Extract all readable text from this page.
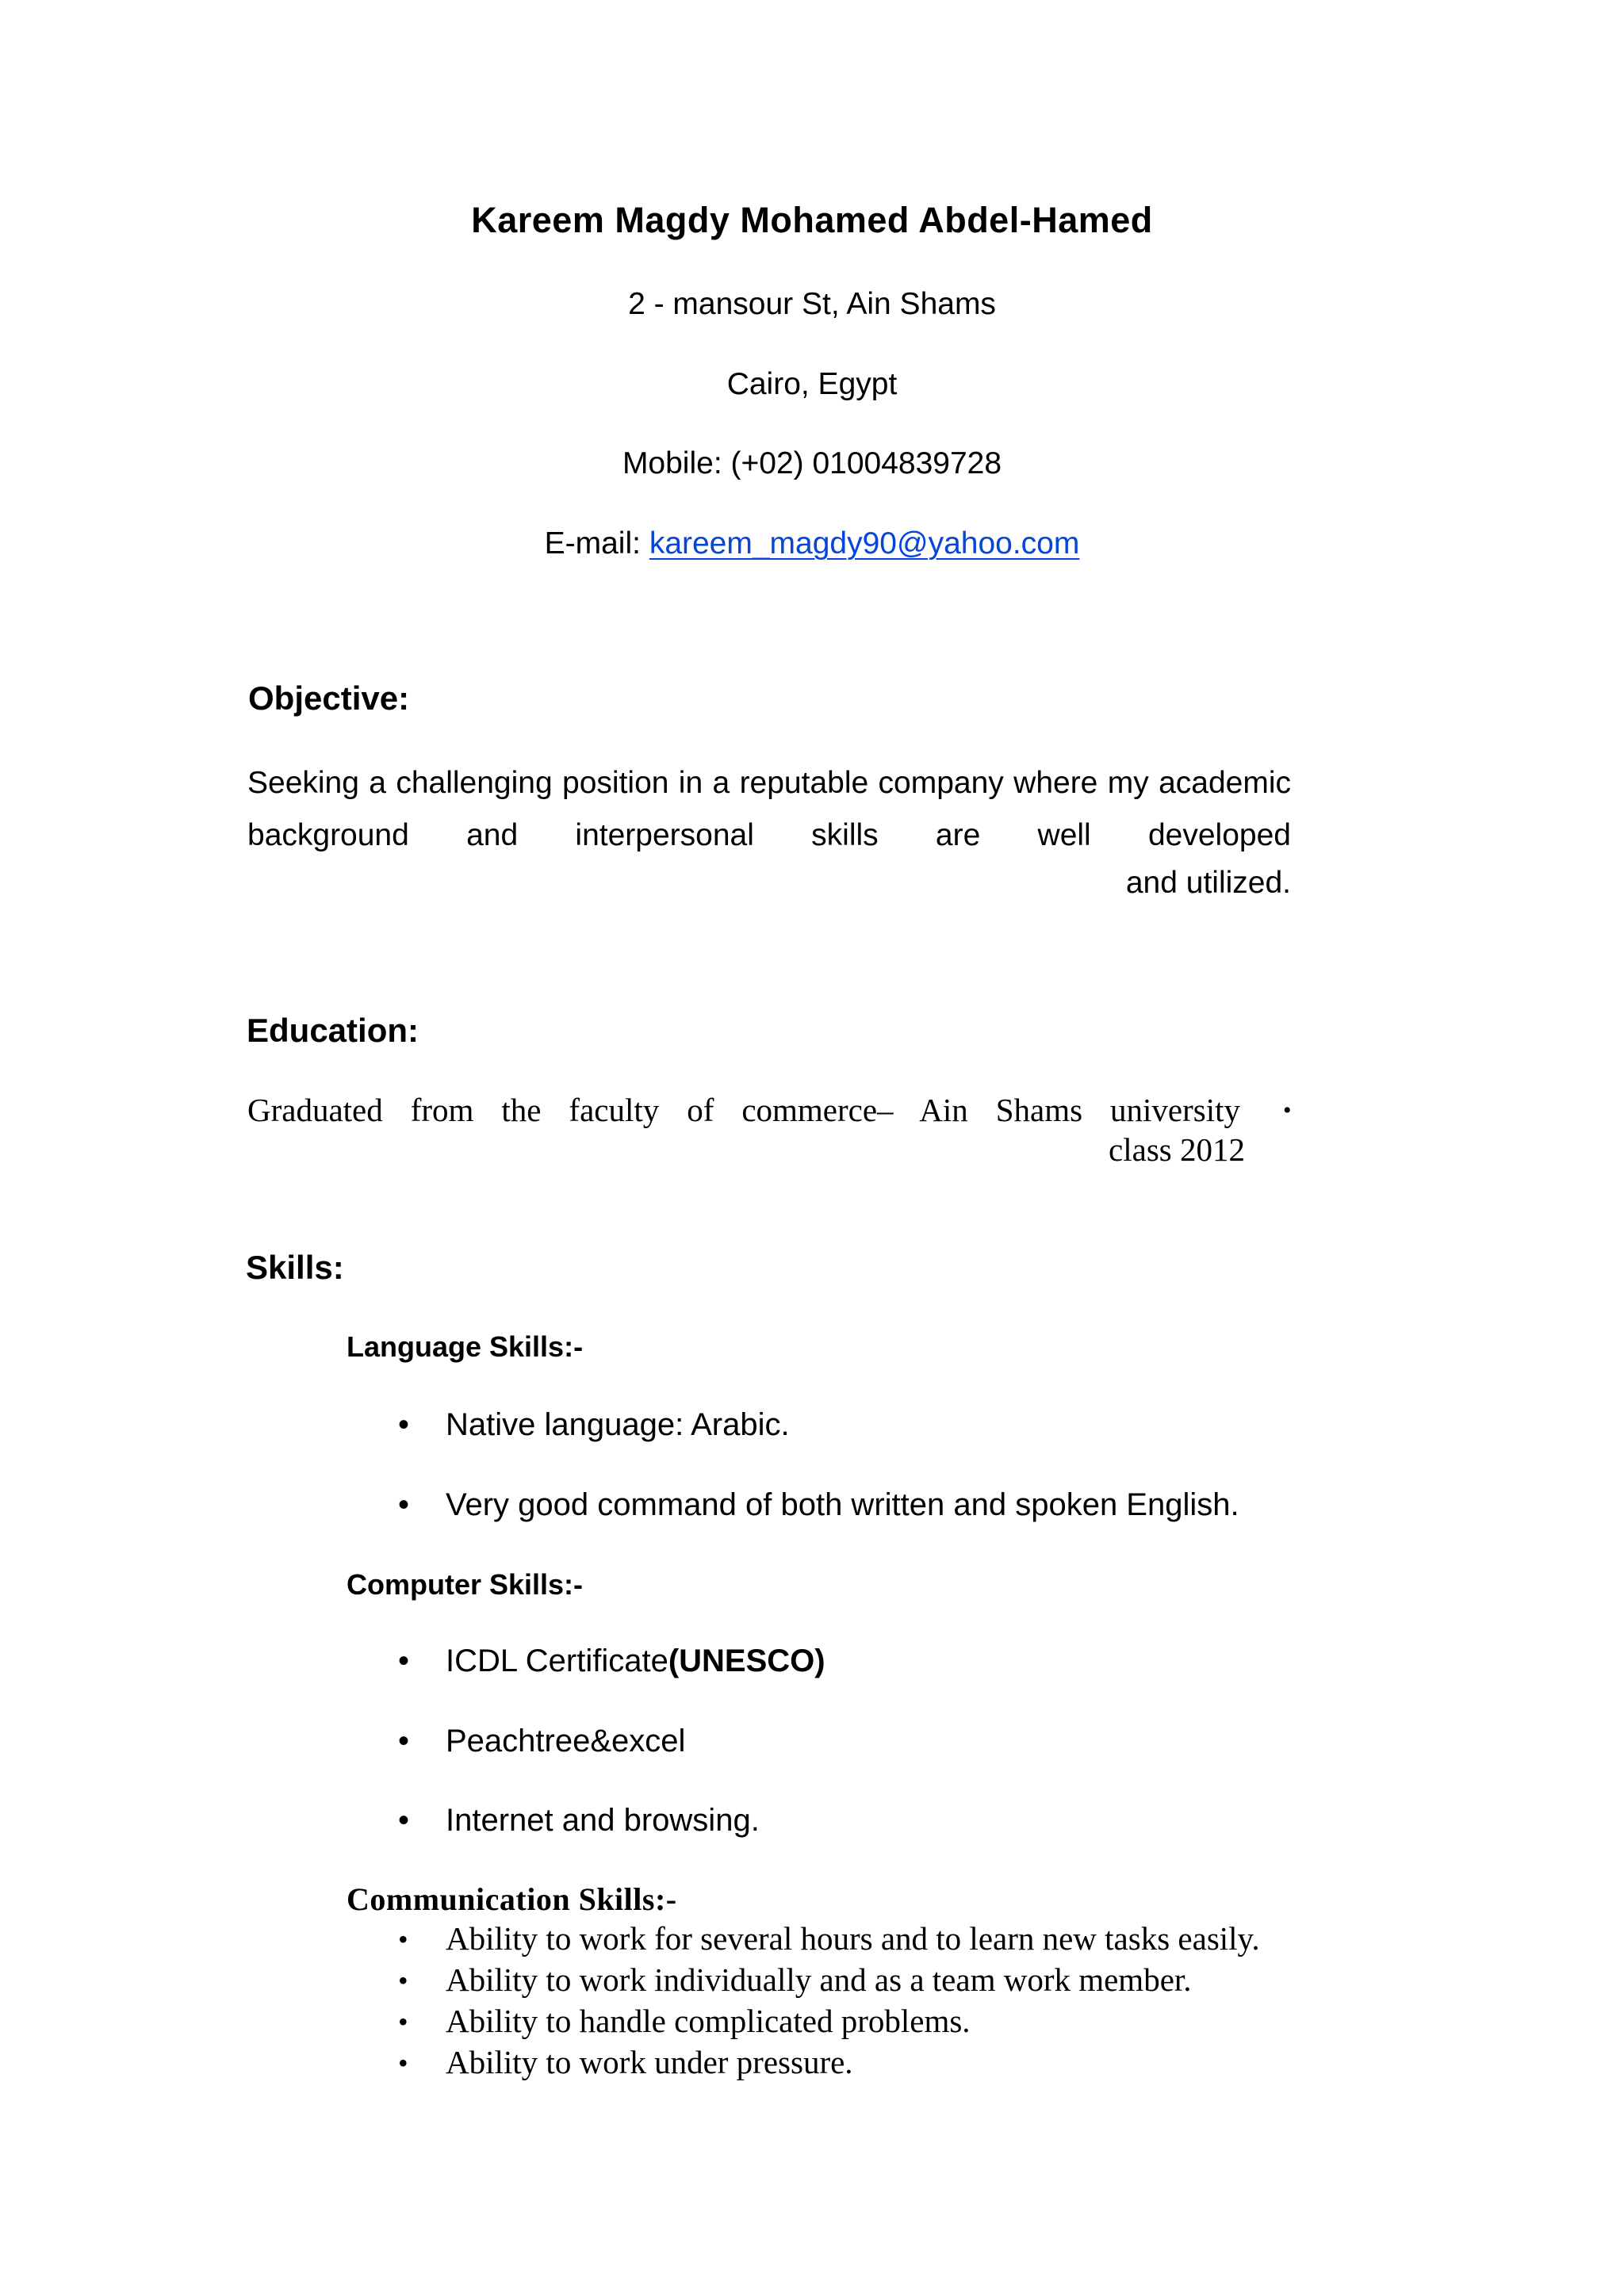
Kareem Magdy Mohamed Abdel-Hamed
2 - mansour St, Ain Shams
Cairo, Egypt
Mobile: (+02) 01004839728
E-mail: kareem_magdy90@yahoo.com
Objective:
Seeking a challenging position in a reputable company where my academic background and interpersonal skills are well developed
and utilized.
Education:
Graduated from the faculty of commerce– Ain Shams university •
class 2012
Skills:
Language Skills:-
• Native language: Arabic.
• Very good command of both written and spoken English.
Computer Skills:-
• ICDL Certificate(UNESCO)
• Peachtree&excel
• Internet and browsing.
Communication Skills:-
• Ability to work for several hours and to learn new tasks easily.
• Ability to work individually and as a team work member.
• Ability to handle complicated problems.
• Ability to work under pressure.
